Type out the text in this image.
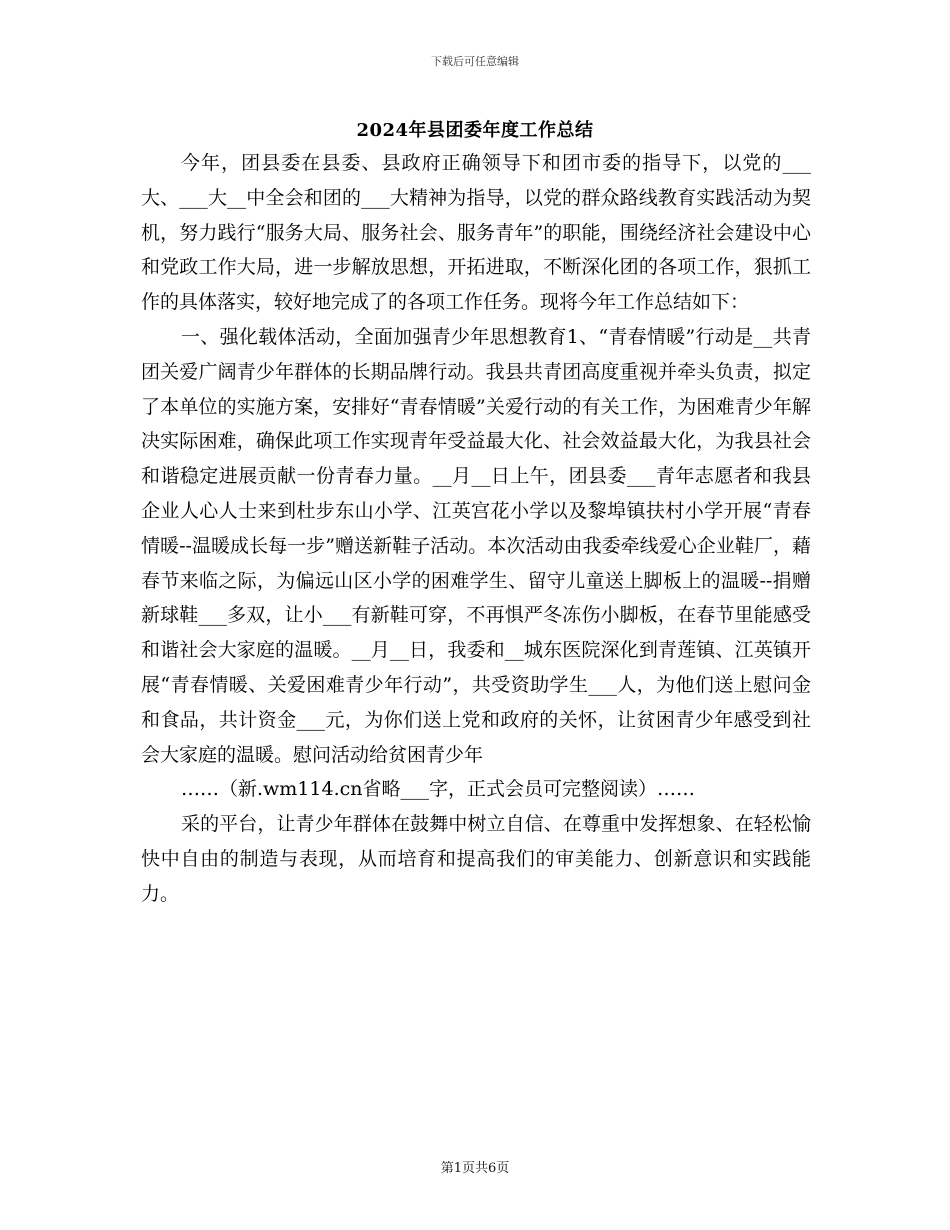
下载后可任意编辑
2024年县团委年度工作总结

今年，团县委在县委、县政府正确领导下和团市委的指导下，以党的___大、___大__中全会和团的___大精神为指导，以党的群众路线教育实践活动为契机，努力践行“服务大局、服务社会、服务青年”的职能，围绕经济社会建设中心和党政工作大局，进一步解放思想，开拓进取，不断深化团的各项工作，狠抓工作的具体落实，较好地完成了的各项工作任务。现将今年工作总结如下：

一、强化载体活动，全面加强青少年思想教育1、“青春情暖”行动是__共青团关爱广阔青少年群体的长期品牌行动。我县共青团高度重视并牵头负责，拟定了本单位的实施方案，安排好“青春情暖”关爱行动的有关工作，为困难青少年解决实际困难，确保此项工作实现青年受益最大化、社会效益最大化，为我县社会和谐稳定进展贡献一份青春力量。__月__日上午，团县委___青年志愿者和我县企业人心人士来到杜步东山小学、江英宫花小学以及黎埠镇扶村小学开展“青春情暖--温暖成长每一步”赠送新鞋子活动。本次活动由我委牵线爱心企业鞋厂，藉春节来临之际，为偏远山区小学的困难学生、留守儿童送上脚板上的温暖--捐赠新球鞋___多双，让小___有新鞋可穿，不再惧严冬冻伤小脚板，在春节里能感受和谐社会大家庭的温暖。__月__日，我委和__城东医院深化到青莲镇、江英镇开展“青春情暖、关爱困难青少年行动”，共受资助学生___人，为他们送上慰问金和食品，共计资金___元，为你们送上党和政府的关怀，让贫困青少年感受到社会大家庭的温暖。慰问活动给贫困青少年

……（新.wm114.cn省略___字，正式会员可完整阅读）……

采的平台，让青少年群体在鼓舞中树立自信、在尊重中发挥想象、在轻松愉快中自由的制造与表现，从而培育和提高我们的审美能力、创新意识和实践能力。

第1页共6页
